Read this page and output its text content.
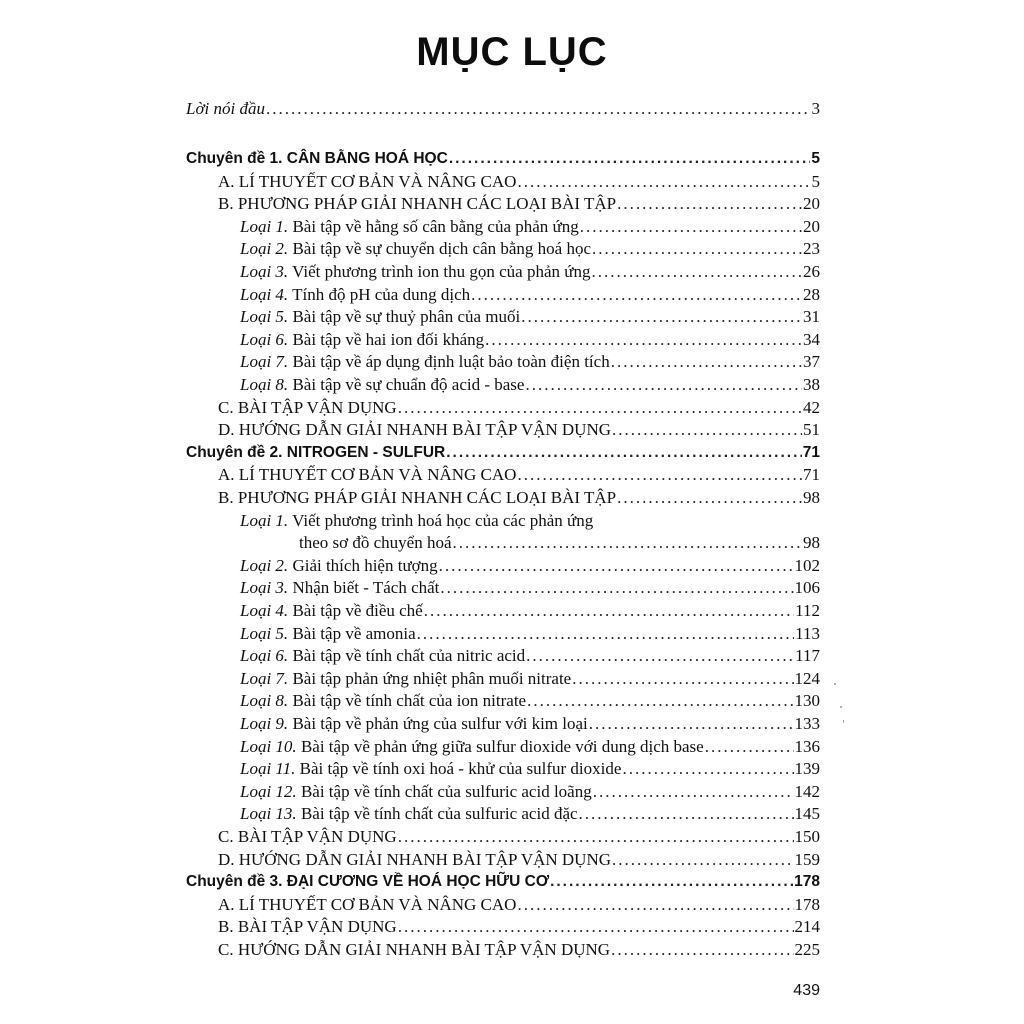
MỤC LỤC
Lời nói đầu .....	3
Chuyên đề 1. CÂN BẰNG HOÁ HỌC .....	5
A. LÍ THUYẾT CƠ BẢN VÀ NÂNG CAO .....	5
B. PHƯƠNG PHÁP GIẢI NHANH CÁC LOẠI BÀI TẬP .....	20
Loại 1. Bài tập về hằng số cân bằng của phản ứng .....	20
Loại 2. Bài tập về sự chuyển dịch cân bằng hoá học .....	23
Loại 3. Viết phương trình ion thu gọn của phản ứng .....	26
Loại 4. Tính độ pH của dung dịch .....	28
Loại 5. Bài tập về sự thuỷ phân của muối .....	31
Loại 6. Bài tập về hai ion đối kháng .....	34
Loại 7. Bài tập về áp dụng định luật bảo toàn điện tích .....	37
Loại 8. Bài tập về sự chuẩn độ acid - base .....	38
C. BÀI TẬP VẬN DỤNG .....	42
D. HƯỚNG DẪN GIẢI NHANH BÀI TẬP VẬN DỤNG .....	51
Chuyên đề 2. NITROGEN - SULFUR .....	71
A. LÍ THUYẾT CƠ BẢN VÀ NÂNG CAO .....	71
B. PHƯƠNG PHÁP GIẢI NHANH CÁC LOẠI BÀI TẬP .....	98
Loại 1. Viết phương trình hoá học của các phản ứng
theo sơ đồ chuyển hoá .....	98
Loại 2. Giải thích hiện tượng .....	102
Loại 3. Nhận biết - Tách chất .....	106
Loại 4. Bài tập về điều chế .....	112
Loại 5. Bài tập về amonia .....	113
Loại 6. Bài tập về tính chất của nitric acid .....	117
Loại 7. Bài tập phản ứng nhiệt phân muối nitrate .....	124
Loại 8. Bài tập về tính chất của ion nitrate .....	130
Loại 9. Bài tập về phản ứng của sulfur với kim loại .....	133
Loại 10. Bài tập về phản ứng giữa sulfur dioxide với dung dịch base .....	136
Loại 11. Bài tập về tính oxi hoá - khử của sulfur dioxide .....	139
Loại 12. Bài tập về tính chất của sulfuric acid loãng .....	142
Loại 13. Bài tập về tính chất của sulfuric acid đặc .....	145
C. BÀI TẬP VẬN DỤNG .....	150
D. HƯỚNG DẪN GIẢI NHANH BÀI TẬP VẬN DỤNG .....	159
Chuyên đề 3. ĐẠI CƯƠNG VỀ HOÁ HỌC HỮU CƠ .....	178
A. LÍ THUYẾT CƠ BẢN VÀ NÂNG CAO .....	178
B. BÀI TẬP VẬN DỤNG .....	214
C. HƯỚNG DẪN GIẢI NHANH BÀI TẬP VẬN DỤNG .....	225
439
